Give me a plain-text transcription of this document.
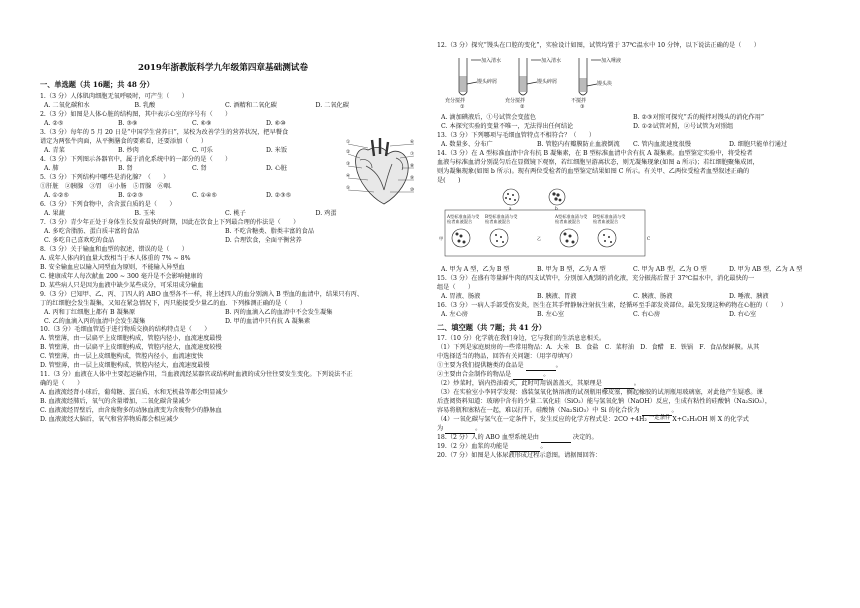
2019年浙教版科学九年级第四章基础测试卷
一、单选题（共 16题；共 48 分）
1.（3 分）人体肌肉细胞无氧呼吸时，可产生（　　）
A. 二氧化碳和水	B. 乳酸	C. 酒精和二氧化碳	D. 二氧化碳
2.（3 分）如图是人体心脏的结构图，其中表示心室的序号有（　　）
A. ②⑤	B. ③⑨	C. ⑥⑨	D. ⑥⑩
3.（3 分）每年的 5 月 20 日是“中国学生营养日”，某校为改善学生的营养状况，把早餐食
谱定为两张牛肉面，从平衡膳食的要素看，还要添加（　　）
A. 青菜	B. 炒肉	C. 可乐	D. 米饭
4.（3 分）下列图示各器官中，属于消化系统中的一部分的是（　　）
A. 肺	B. 肾	C. 肾	D. 心脏
5.（3 分）下列结构中哪些是消化腺？（　　）
①肝脏　②胰腺　③胃　④小肠　⑤胃腺　⑥咽．
A. ①②⑤	B. ①②③	C. ①④⑤	D. ②③⑤
6.（3 分）下列食物中，含含蛋白质的是（　　）
A. 果蔬	B. 玉米	C. 桃子	D. 鸡蛋
7.（3 分）青少年正处于身体生长发育最快的时期，因此在饮食上下列最合理的作法是（　　）
A. 多吃含脂肪、蛋白质丰富的食品	B. 不吃含糖类、脂类丰富的食品
C. 多吃自己喜欢吃的食品	D. 合理饮食，全面平衡营养
8.（3 分）关于输血和血型的叙述，错误的是（　　）
A. 成年人体内的血量大致相当于本人体重的 7% ~ 8%
B. 安全输血应以输入同型血为原则，不能输入异型血
C. 健康成年人每次献血 200 ~ 300 毫升是不会影响健康的
D. 某些病人只是因为血液中缺少某些成分，可采用成分输血
9.（3 分）已知甲、乙、丙、丁四人的 ABO 血型各不一样，将上述四人的血分别滴入 B 型血的血清中，结果只有丙、
丁的红细胞会发生凝集，又知在紧急情况下，丙只能接受少量乙的血．下列推测正确的是（　　）
A. 丙和丁红细胞上都有 B 凝集原	B. 丙的血滴入乙的血清中不会发生凝集
C. 乙的血滴入丙的血清中会发生凝集	D. 甲的血清中只有抗 A 凝集素
10.（3 分）毛细血管适于进行物质交换的结构特点是（　　）
A. 管壁薄，由一层扁平上皮细胞构成，管腔内径小，血流速度最慢
B. 管壁薄，由一层扁平上皮细胞构成，管腔内径大，血流速度较慢
C. 管壁薄，由一层上皮细胞构成，管腔内径小，血流速度快
D. 管壁薄，由一层上皮细胞构成，管腔内径大，血流速度最慢
11.（3 分）血液在人体中主要起运输作用，当血液流经某器官或结构时血液的成分往往要发生变化。下列说法不正
确的是（　　）
A. 血液流经肾小球后，葡萄糖、蛋白质、水和无机盐等都会明显减少
B. 血液流经肺后，氧气的含量增加，二氧化碳含量减少
C. 血液流经胃壁后，由含废物多的动脉血液变为含废物少的静脉血
D. 血液流经大脑后，氧气和营养物质都会相应减少
①
②
③
④
⑤
⑥
⑦
⑧
⑨
⑩
12.（3 分）探究“馒头在口腔的变化”，实验设计如图，试管均置于 37℃温水中 10 分钟，以下说法正确的是（　　）
加入清水	加入清水	加入唾液
馒头碎屑	馒头碎屑	馒头块
充分搅拌	充分搅拌	不搅拌
①	②	③
A. 滴加碘液后，①号试管会变蓝色	B. ②③对照可探究“舌的搅拌对馒头的消化作用”
C. 本探究实验的变量不唯一，无法得出任何结论	D. ①②试管对照，②号试管为对照组
13.（3 分）下列哪项与毛细血管特点不相符合？（　　）
A. 数量多、分布广	B. 管腔内有瓣膜防止血液倒流	C. 管内血流速度很慢	D. 细胞只能单行通过
14.（3 分）在 A 型标准血清中含有抗 B 凝集素，在 B 型标准血清中含有抗 A 凝集素。血型鉴定实验中，将受检者
血液与标准血清分别混匀后在显微镜下观察，若红细胞呈游离状态，则无凝集现象(如图 a 所示)；若红细胞聚集成团，
则为凝集现象(如图 b 所示)。现有两位受检者的血型鉴定结果如图 C 所示。有关甲、乙两位受检者血型叙述正确的
是(　　)
a	b
A型标准血清与受 B型标准血清与受	A型标准血清与受 B型标准血清与受
检者血液混合	检者血液混合	检者血液混合	检者血液混合
甲	乙	C
A. 甲为 A 型，乙为 B 型	B. 甲为 B 型，乙为 A 型	C. 甲为 AB 型，乙为 O 型	D. 甲为 AB 型，乙为 A 型
15.（3 分）在盛有等量鲜牛肉的四支试管中，分别加入配制的消化液，充分振荡后置于 37℃温水中，消化最快的一
组是（　　）
A. 胃液、肠液	B. 胰液、胃液	C. 胰液、肠液	D. 唾液、胰液
16.（3 分）一病人手部受伤发炎，医生在其手臂静脉注射抗生素，经循环至手部发炎部位。最先发现这种药物在心脏的（　　）
A. 左心房	B. 左心室	C. 右心房	D. 右心室
二、填空题（共 7题；共 41 分）
17.（10 分）化学就在我们身边，它与我们的生活息息相关。
（1）下列是家庭厨房的一些常用物品：A．大米　B．食盐　C．菜籽油　D．食醋　E．铁锅　F．食品保鲜膜。从其
中选择适当的物品，回答有关问题：（用字母填写）
①主要为我们提供糖类的食品是	。
②主要由合金制作的物品是	。
（2）炒菜时，锅内热油着火，此时可用锅盖盖灭，其原理是	。
（3）在实验室小李同学发现：盛装氢氧化钠溶液的试剂瓶用橡皮塞，搁起橡胶的试剂瓶用玻璃塞，对此他产生疑惑。课
后查阅资料知道：玻璃中含有的少量二氧化硅（SiO₂）能与氢氧化钠（NaOH）反应，生成有粘性的硅酸钠（Na₂SiO₃），
容易将瓶和塞粘在一起，难以打开。硅酸钠（Na₂SiO₃）中 Si 的化合价为	。
（4）一氧化碳与氢气在一定条件下，发生反应的化学方程式是：2CO +4H₂ 一定条件 X+C₂H₅OH 则 X 的化学式
为	。
18.（2 分）人的 ABO 血型系统是由	决定的。
19.（2 分）血浆的功能是	。
20.（7 分）如图是人体尿液形成过程示意图。请据图回答：
